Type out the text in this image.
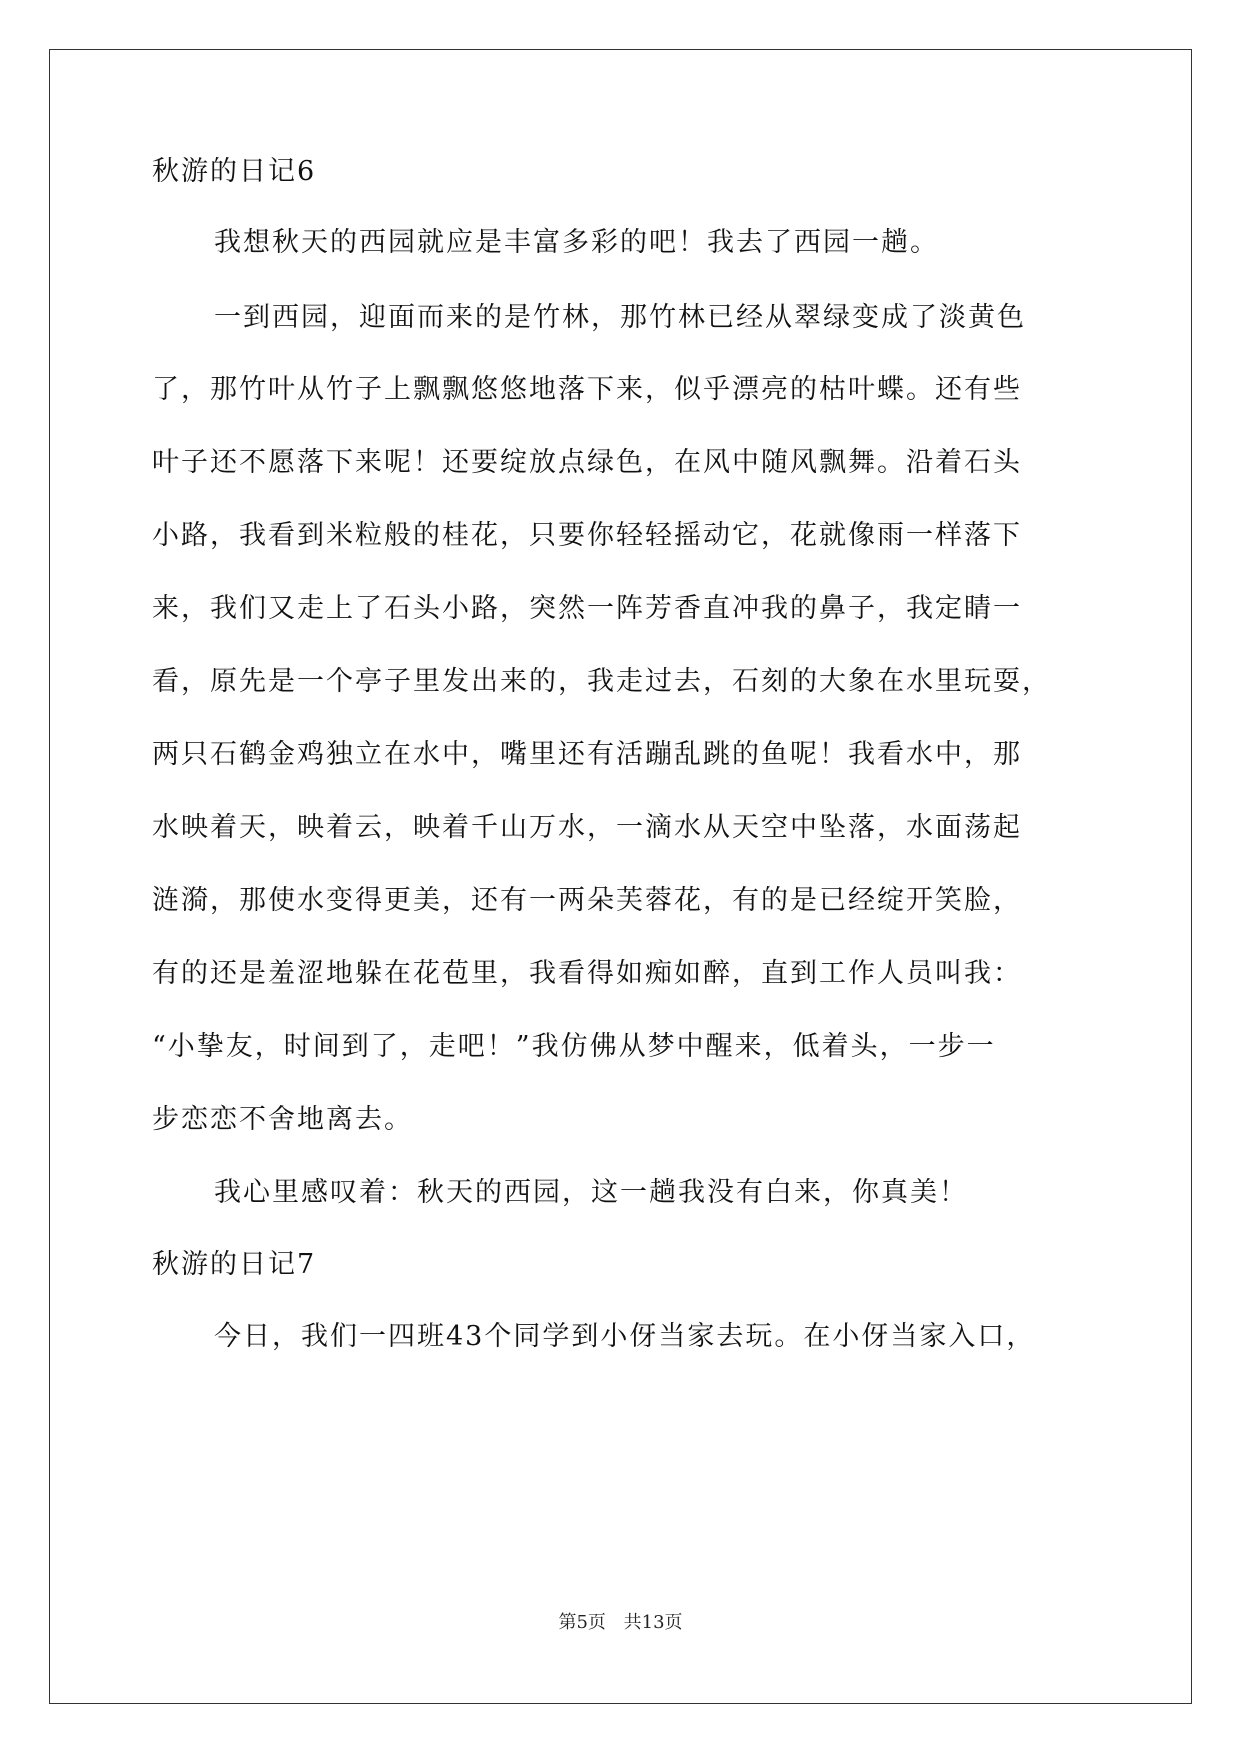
秋游的日记6
我想秋天的西园就应是丰富多彩的吧！我去了西园一趟。
一到西园，迎面而来的是竹林，那竹林已经从翠绿变成了淡黄色
了，那竹叶从竹子上飘飘悠悠地落下来，似乎漂亮的枯叶蝶。还有些
叶子还不愿落下来呢！还要绽放点绿色，在风中随风飘舞。沿着石头
小路，我看到米粒般的桂花，只要你轻轻摇动它，花就像雨一样落下
来，我们又走上了石头小路，突然一阵芳香直冲我的鼻子，我定睛一
看，原先是一个亭子里发出来的，我走过去，石刻的大象在水里玩耍，
两只石鹤金鸡独立在水中，嘴里还有活蹦乱跳的鱼呢！我看水中，那
水映着天，映着云，映着千山万水，一滴水从天空中坠落，水面荡起
涟漪，那使水变得更美，还有一两朵芙蓉花，有的是已经绽开笑脸，
有的还是羞涩地躲在花苞里，我看得如痴如醉，直到工作人员叫我：
“小挚友，时间到了，走吧！”我仿佛从梦中醒来，低着头，一步一
步恋恋不舍地离去。
我心里感叹着：秋天的西园，这一趟我没有白来，你真美！
秋游的日记7
今日，我们一四班43个同学到小伢当家去玩。在小伢当家入口，
第5页 共13页
